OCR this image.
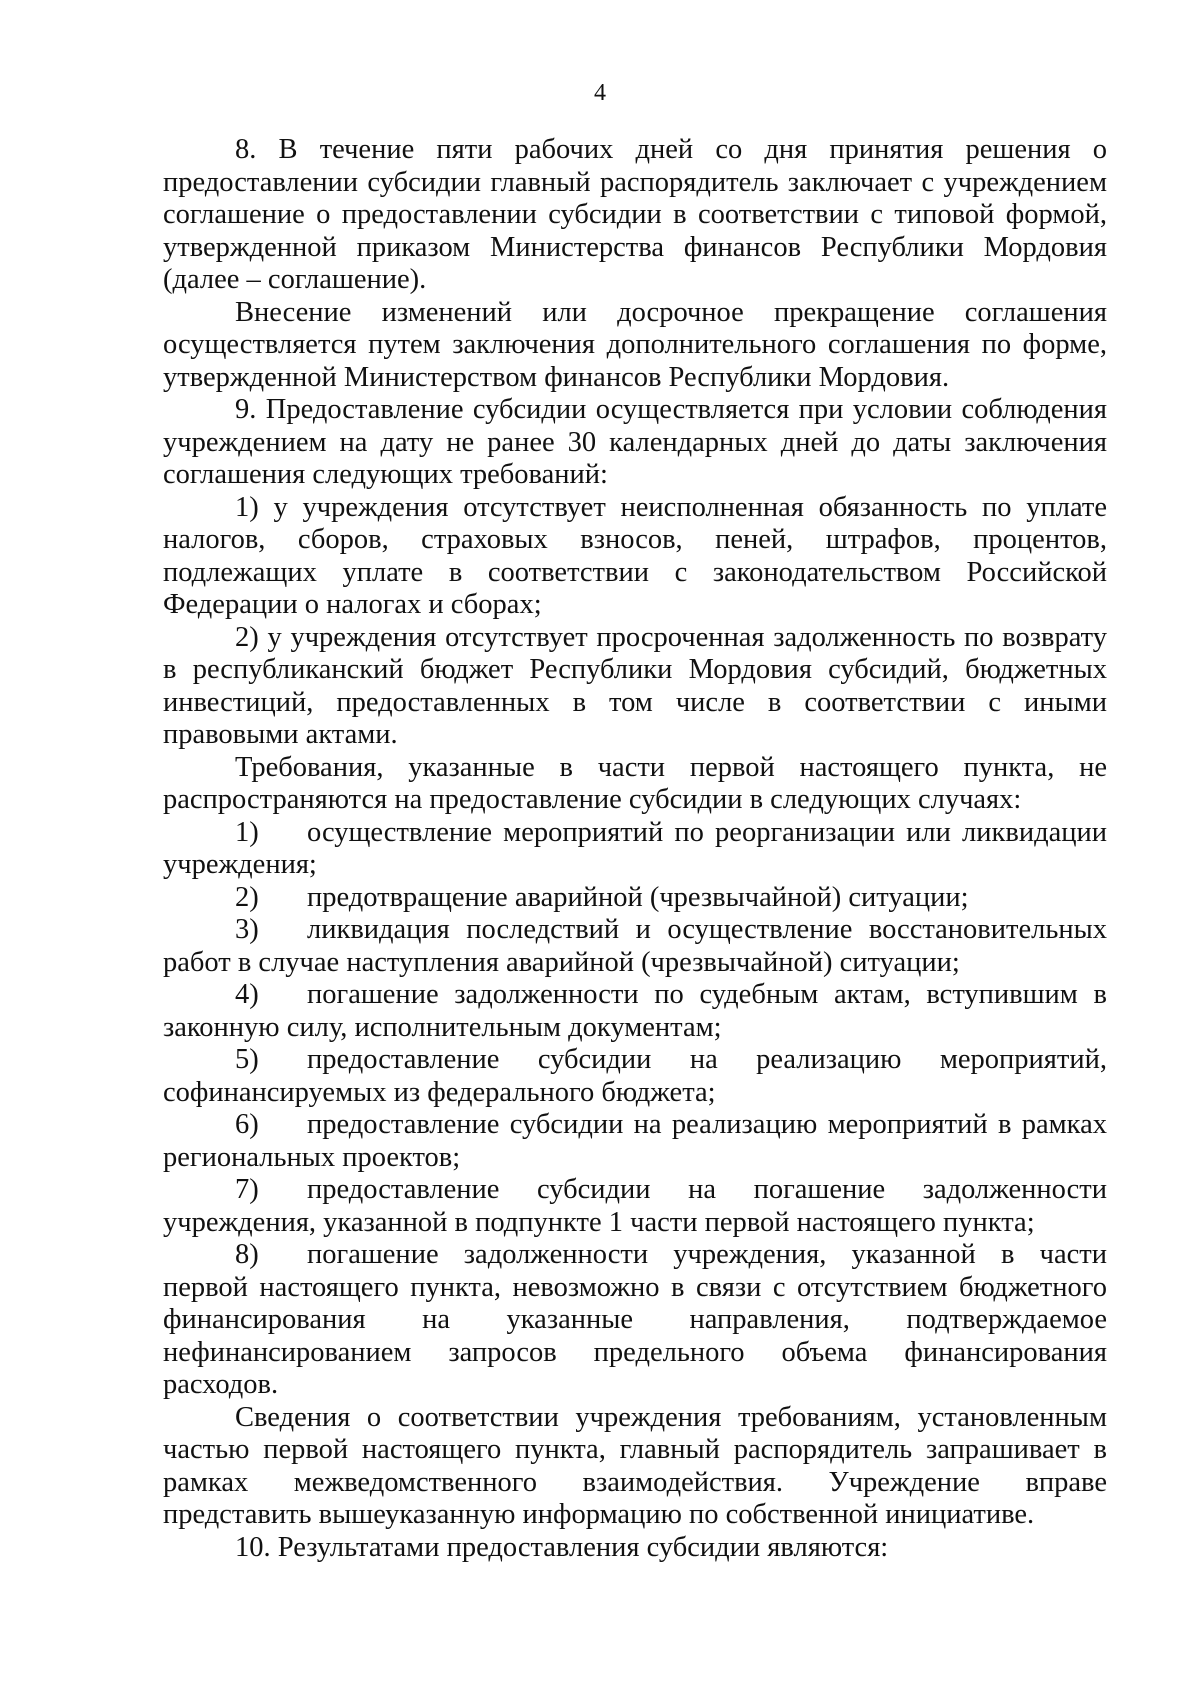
4

8. В течение пяти рабочих дней со дня принятия решения о предоставлении субсидии главный распорядитель заключает с учреждением соглашение о предоставлении субсидии в соответствии с типовой формой, утвержденной приказом Министерства финансов Республики Мордовия (далее – соглашение).

Внесение изменений или досрочное прекращение соглашения осуществляется путем заключения дополнительного соглашения по форме, утвержденной Министерством финансов Республики Мордовия.

9. Предоставление субсидии осуществляется при условии соблюдения учреждением на дату не ранее 30 календарных дней до даты заключения соглашения следующих требований:

1) у учреждения отсутствует неисполненная обязанность по уплате налогов, сборов, страховых взносов, пеней, штрафов, процентов, подлежащих уплате в соответствии с законодательством Российской Федерации о налогах и сборах;

2) у учреждения отсутствует просроченная задолженность по возврату в республиканский бюджет Республики Мордовия субсидий, бюджетных инвестиций, предоставленных в том числе в соответствии с иными правовыми актами.

Требования, указанные в части первой настоящего пункта, не распространяются на предоставление субсидии в следующих случаях:

1) осуществление мероприятий по реорганизации или ликвидации учреждения;

2) предотвращение аварийной (чрезвычайной) ситуации;

3) ликвидация последствий и осуществление восстановительных работ в случае наступления аварийной (чрезвычайной) ситуации;

4) погашение задолженности по судебным актам, вступившим в законную силу, исполнительным документам;

5) предоставление субсидии на реализацию мероприятий, софинансируемых из федерального бюджета;

6) предоставление субсидии на реализацию мероприятий в рамках региональных проектов;

7) предоставление субсидии на погашение задолженности учреждения, указанной в подпункте 1 части первой настоящего пункта;

8) погашение задолженности учреждения, указанной в части первой настоящего пункта, невозможно в связи с отсутствием бюджетного финансирования на указанные направления, подтверждаемое нефинансированием запросов предельного объема финансирования расходов.

Сведения о соответствии учреждения требованиям, установленным частью первой настоящего пункта, главный распорядитель запрашивает в рамках межведомственного взаимодействия. Учреждение вправе представить вышеуказанную информацию по собственной инициативе.

10. Результатами предоставления субсидии являются:
